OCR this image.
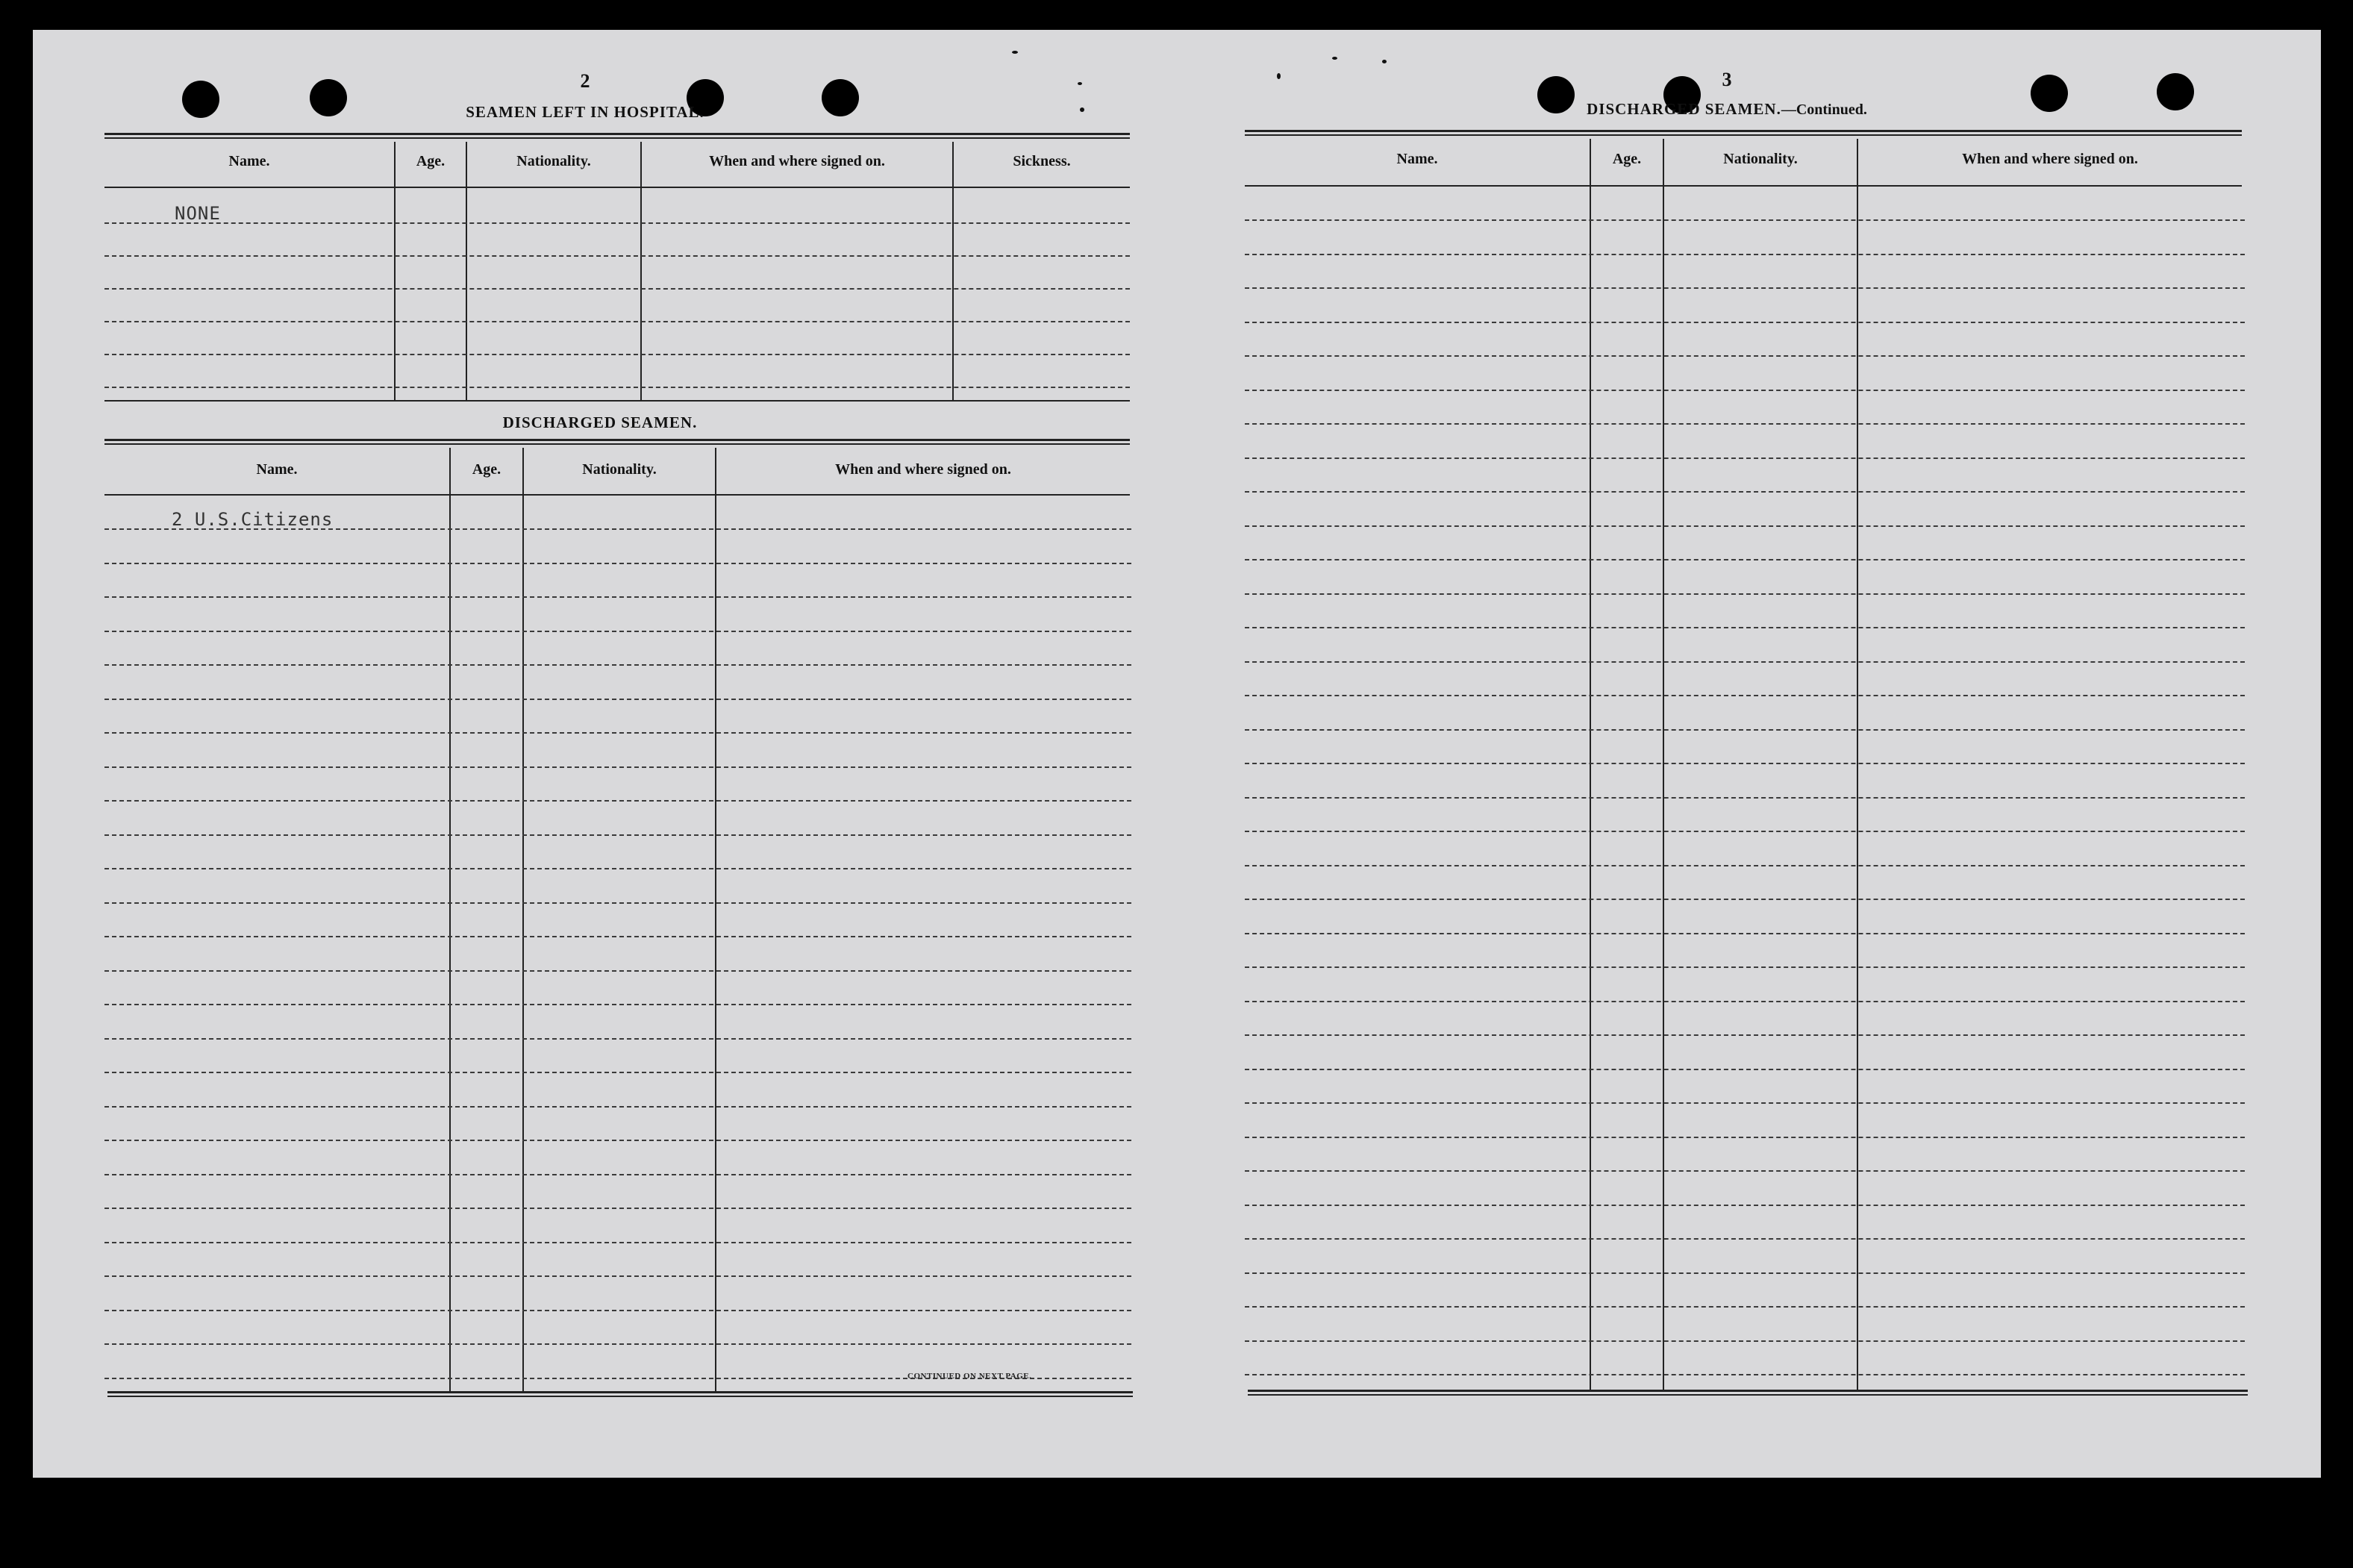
2
SEAMEN LEFT IN HOSPITAL.
Name.	Age.	Nationality.	When and where signed on.	Sickness.
NONE
DISCHARGED SEAMEN.
Name.	Age.	Nationality.	When and where signed on.
2 U.S.Citizens
CONTINUED ON NEXT PAGE.
3
DISCHARGED SEAMEN.—Continued.
Name.	Age.	Nationality.	When and where signed on.
